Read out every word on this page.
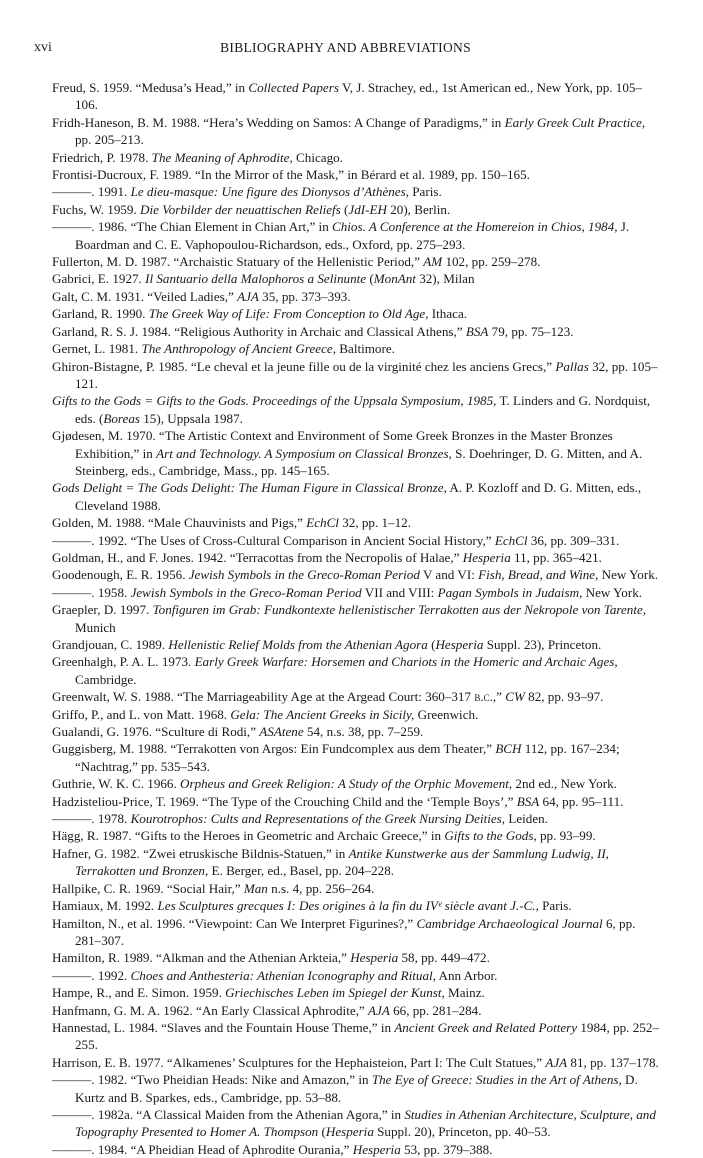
xvi	BIBLIOGRAPHY AND ABBREVIATIONS

Freud, S. 1959. “Medusa’s Head,” in Collected Papers V, J. Strachey, ed., 1st American ed., New York, pp. 105–106.

Fridh-Haneson, B. M. 1988. “Hera’s Wedding on Samos: A Change of Paradigms,” in Early Greek Cult Practice, pp. 205–213.

Friedrich, P. 1978. The Meaning of Aphrodite, Chicago.

Frontisi-Ducroux, F. 1989. “In the Mirror of the Mask,” in Bérard et al. 1989, pp. 150–165.

———. 1991. Le dieu-masque: Une figure des Dionysos d’Athènes, Paris.

Fuchs, W. 1959. Die Vorbilder der neuattischen Reliefs (JdI-EH 20), Berlin.

———. 1986. “The Chian Element in Chian Art,” in Chios. A Conference at the Homereion in Chios, 1984, J. Boardman and C. E. Vaphopoulou-Richardson, eds., Oxford, pp. 275–293.

Fullerton, M. D. 1987. “Archaistic Statuary of the Hellenistic Period,” AM 102, pp. 259–278.

Gabrici, E. 1927. Il Santuario della Malophoros a Selinunte (MonAnt 32), Milan

Galt, C. M. 1931. “Veiled Ladies,” AJA 35, pp. 373–393.

Garland, R. 1990. The Greek Way of Life: From Conception to Old Age, Ithaca.

Garland, R. S. J. 1984. “Religious Authority in Archaic and Classical Athens,” BSA 79, pp. 75–123.

Gernet, L. 1981. The Anthropology of Ancient Greece, Baltimore.

Ghiron-Bistagne, P. 1985. “Le cheval et la jeune fille ou de la virginité chez les anciens Grecs,” Pallas 32, pp. 105–121.

Gifts to the Gods = Gifts to the Gods. Proceedings of the Uppsala Symposium, 1985, T. Linders and G. Nordquist, eds. (Boreas 15), Uppsala 1987.

Gjødesen, M. 1970. “The Artistic Context and Environment of Some Greek Bronzes in the Master Bronzes Exhibition,” in Art and Technology. A Symposium on Classical Bronzes, S. Doehringer, D. G. Mitten, and A. Steinberg, eds., Cambridge, Mass., pp. 145–165.

Gods Delight = The Gods Delight: The Human Figure in Classical Bronze, A. P. Kozloff and D. G. Mitten, eds., Cleveland 1988.

Golden, M. 1988. “Male Chauvinists and Pigs,” EchCl 32, pp. 1–12.

———. 1992. “The Uses of Cross-Cultural Comparison in Ancient Social History,” EchCl 36, pp. 309–331.

Goldman, H., and F. Jones. 1942. “Terracottas from the Necropolis of Halae,” Hesperia 11, pp. 365–421.

Goodenough, E. R. 1956. Jewish Symbols in the Greco-Roman Period V and VI: Fish, Bread, and Wine, New York.

———. 1958. Jewish Symbols in the Greco-Roman Period VII and VIII: Pagan Symbols in Judaism, New York.

Graepler, D. 1997. Tonfiguren im Grab: Fundkontexte hellenistischer Terrakotten aus der Nekropole von Tarente, Munich

Grandjouan, C. 1989. Hellenistic Relief Molds from the Athenian Agora (Hesperia Suppl. 23), Princeton.

Greenhalgh, P. A. L. 1973. Early Greek Warfare: Horsemen and Chariots in the Homeric and Archaic Ages, Cambridge.

Greenwalt, W. S. 1988. “The Marriageability Age at the Argead Court: 360–317 b.c.,” CW 82, pp. 93–97.

Griffo, P., and L. von Matt. 1968. Gela: The Ancient Greeks in Sicily, Greenwich.

Gualandi, G. 1976. “Sculture di Rodi,” ASAtene 54, n.s. 38, pp. 7–259.

Guggisberg, M. 1988. “Terrakotten von Argos: Ein Fundcomplex aus dem Theater,” BCH 112, pp. 167–234; “Nachtrag,” pp. 535–543.

Guthrie, W. K. C. 1966. Orpheus and Greek Religion: A Study of the Orphic Movement, 2nd ed., New York.

Hadzisteliou-Price, T. 1969. “The Type of the Crouching Child and the ‘Temple Boys’,” BSA 64, pp. 95–111.

———. 1978. Kourotrophos: Cults and Representations of the Greek Nursing Deities, Leiden.

Hägg, R. 1987. “Gifts to the Heroes in Geometric and Archaic Greece,” in Gifts to the Gods, pp. 93–99.

Hafner, G. 1982. “Zwei etruskische Bildnis-Statuen,” in Antike Kunstwerke aus der Sammlung Ludwig, II, Terrakotten und Bronzen, E. Berger, ed., Basel, pp. 204–228.

Hallpike, C. R. 1969. “Social Hair,” Man n.s. 4, pp. 256–264.

Hamiaux, M. 1992. Les Sculptures grecques I: Des origines à la fin du IVᵉ siècle avant J.-C., Paris.

Hamilton, N., et al. 1996. “Viewpoint: Can We Interpret Figurines?,” Cambridge Archaeological Journal 6, pp. 281–307.

Hamilton, R. 1989. “Alkman and the Athenian Arkteia,” Hesperia 58, pp. 449–472.

———. 1992. Choes and Anthesteria: Athenian Iconography and Ritual, Ann Arbor.

Hampe, R., and E. Simon. 1959. Griechisches Leben im Spiegel der Kunst, Mainz.

Hanfmann, G. M. A. 1962. “An Early Classical Aphrodite,” AJA 66, pp. 281–284.

Hannestad, L. 1984. “Slaves and the Fountain House Theme,” in Ancient Greek and Related Pottery 1984, pp. 252–255.

Harrison, E. B. 1977. “Alkamenes’ Sculptures for the Hephaisteion, Part I: The Cult Statues,” AJA 81, pp. 137–178.

———. 1982. “Two Pheidian Heads: Nike and Amazon,” in The Eye of Greece: Studies in the Art of Athens, D. Kurtz and B. Sparkes, eds., Cambridge, pp. 53–88.

———. 1982a. “A Classical Maiden from the Athenian Agora,” in Studies in Athenian Architecture, Sculpture, and Topography Presented to Homer A. Thompson (Hesperia Suppl. 20), Princeton, pp. 40–53.

———. 1984. “A Pheidian Head of Aphrodite Ourania,” Hesperia 53, pp. 379–388.
